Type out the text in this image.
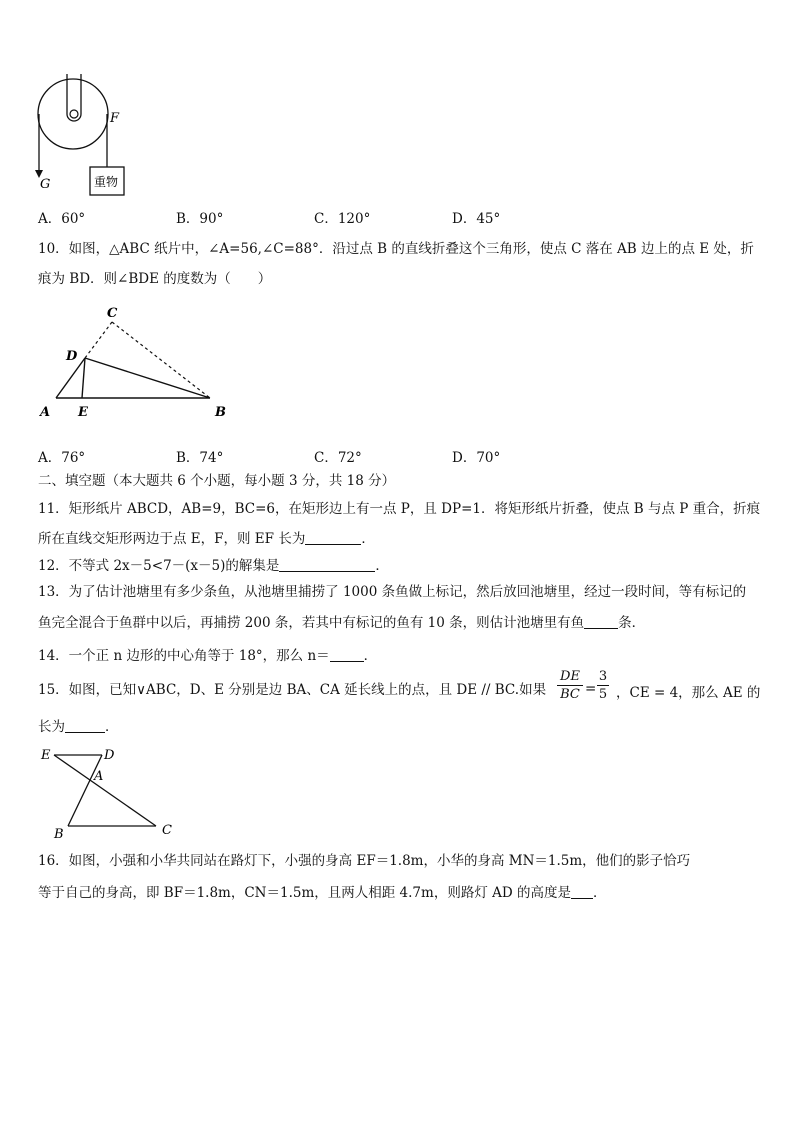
G
F
重物
A．60°	B．90°	C．120°	D．45°
10．如图，△ABC 纸片中，∠A=56,∠C=88°．沿过点 B 的直线折叠这个三角形，使点 C 落在 AB 边上的点 E 处，折
痕为 BD．则∠BDE 的度数为（　　）
A E	B
D
C
A．76°	B．74°	C．72°	D．70°
二、填空题（本大题共 6 个小题，每小题 3 分，共 18 分）
11．矩形纸片 ABCD，AB=9，BC=6，在矩形边上有一点 P，且 DP=1．将矩形纸片折叠，使点 B 与点 P 重合，折痕
所在直线交矩形两边于点 E，F，则 EF 长为	．
12．不等式 2x－5<7－(x－5)的解集是	．
13．为了估计池塘里有多少条鱼，从池塘里捕捞了 1000 条鱼做上标记，然后放回池塘里，经过一段时间，等有标记的
鱼完全混合于鱼群中以后，再捕捞 200 条，若其中有标记的鱼有 10 条，则估计池塘里有鱼	条．
14．一个正 n 边形的中心角等于 18°，那么 n＝	．
15．如图，已知∨ABC，D、E 分别是边 BA、CA 延长线上的点，且 DE // BC.如果
DE
BC =
3
5 ，CE = 4，那么 AE 的
长为	．
E	D
A
B	C
16．如图，小强和小华共同站在路灯下，小强的身高 EF＝1.8m，小华的身高 MN＝1.5m，他们的影子恰巧
等于自己的身高，即 BF＝1.8m，CN＝1.5m，且两人相距 4.7m，则路灯 AD 的高度是 ．
